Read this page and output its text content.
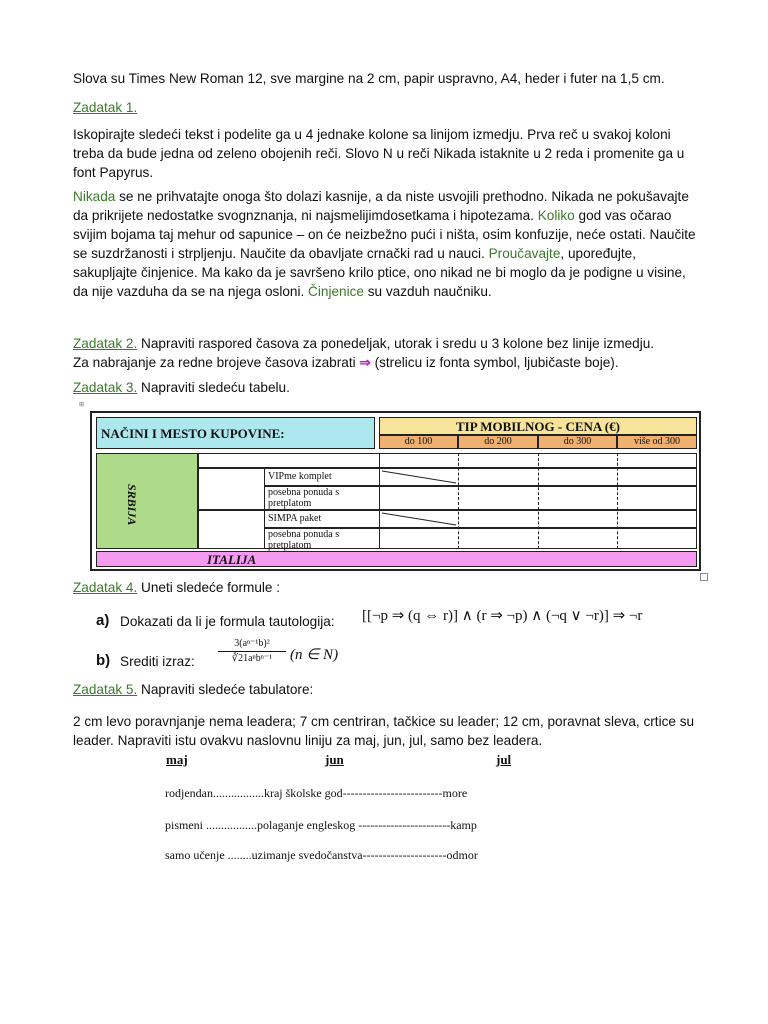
Slova su Times New Roman 12, sve margine na 2 cm, papir uspravno, A4, heder i futer na 1,5 cm.
Zadatak 1.
Iskopirajte sledeći tekst i podelite ga u 4 jednake kolone sa linijom izmedju. Prva reč u svakoj koloni treba da bude jedna od zeleno obojenih reči. Slovo N u reči Nikada istaknite u 2 reda i promenite ga u font Papyrus.
Nikada se ne prihvatajte onoga što dolazi kasnije, a da niste usvojili prethodno. Nikada ne pokušavajte da prikrijete nedostatke svognznanja, ni najsmelijimdosetkama i hipotezama. Koliko god vas očarao svijim bojama taj mehur od sapunice – on će neizbežno pući i ništa, osim konfuzije, neće ostati. Naučite se suzdržanosti i strpljenju. Naučite da obavljate crnački rad u nauci. Proučavajte, upoređujte, sakupljajte činjenice. Ma kako da je savršeno krilo ptice, ono nikad ne bi moglo da je podigne u visine, da nije vazduha da se na njega osloni. Činjenice su vazduh naučniku.
Zadatak 2. Napraviti raspored časova za ponedeljak, utorak i sredu u 3 kolone bez linije izmedju.
Za nabrajanje za redne brojeve časova izabrati ⇒ (strelicu iz fonta symbol, ljubičaste boje).
Zadatak 3. Napraviti sledeću tabelu.
⊞
NAČINI I MESTO KUPOVINE:	TIP MOBILNOG - CENA (€)
do 100	do 200	do 300	više od 300
SRBIJA
VIPme komplet
posebna ponuda s pretplatom
SIMPA paket
posebna ponuda s pretplatom
ITALIJA
Zadatak 4. Uneti sledeće formule :
a) Dokazati da li je formula tautologija: [[¬p ⇒ (q ⇔ r)] ∧ (r ⇒ ¬p) ∧ (¬q ∨ ¬r)] ⇒ ¬r
b) Srediti izraz:
3(aⁿ⁻¹b)²
∛21aⁿbⁿ⁻¹	(n ∈ N)
Zadatak 5. Napraviti sledeće tabulatore:
2 cm levo poravnjanje nema leadera; 7 cm centriran, tačkice su leader; 12 cm, poravnat sleva, crtice su leader. Napraviti istu ovakvu naslovnu liniju za maj, jun, jul, samo bez leadera.
maj	jun	jul
rodjendan.................kraj školske god-------------------------more
pismeni .................polaganje engleskog -----------------------kamp
samo učenje ........uzimanje svedočanstva---------------------odmor
